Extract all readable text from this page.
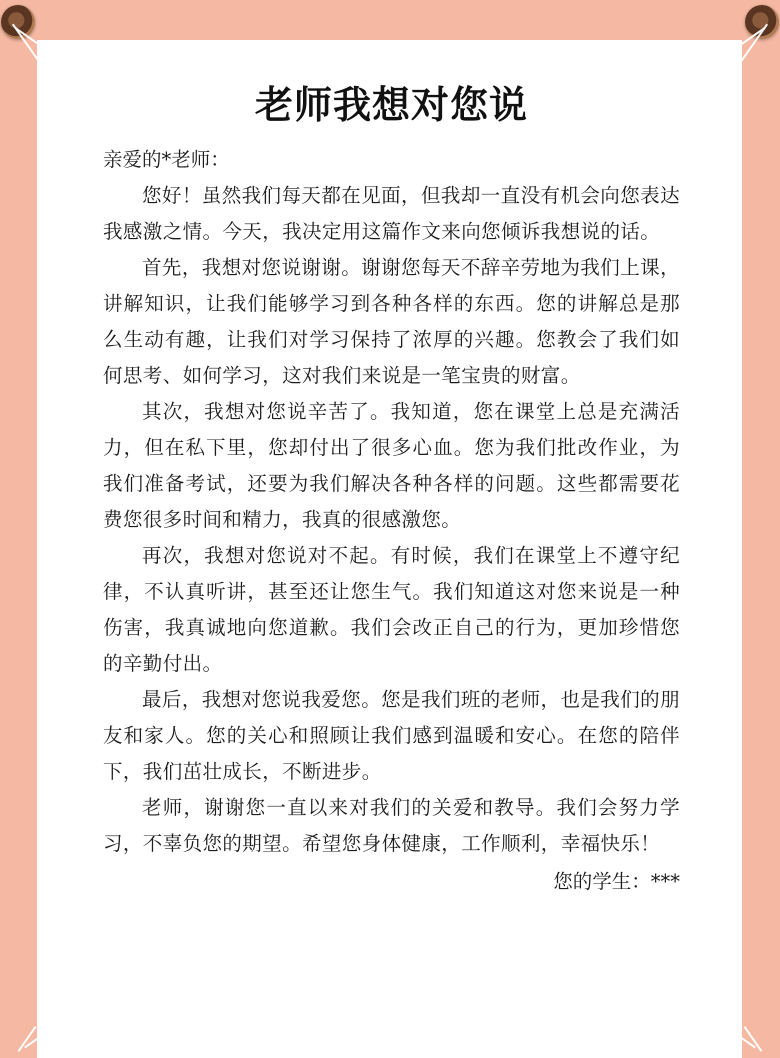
老师我想对您说

亲爱的*老师：

您好！虽然我们每天都在见面，但我却一直没有机会向您表达我感激之情。今天，我决定用这篇作文来向您倾诉我想说的话。

首先，我想对您说谢谢。谢谢您每天不辞辛劳地为我们上课，讲解知识，让我们能够学习到各种各样的东西。您的讲解总是那么生动有趣，让我们对学习保持了浓厚的兴趣。您教会了我们如何思考、如何学习，这对我们来说是一笔宝贵的财富。

其次，我想对您说辛苦了。我知道，您在课堂上总是充满活力，但在私下里，您却付出了很多心血。您为我们批改作业，为我们准备考试，还要为我们解决各种各样的问题。这些都需要花费您很多时间和精力，我真的很感激您。

再次，我想对您说对不起。有时候，我们在课堂上不遵守纪律，不认真听讲，甚至还让您生气。我们知道这对您来说是一种伤害，我真诚地向您道歉。我们会改正自己的行为，更加珍惜您的辛勤付出。

最后，我想对您说我爱您。您是我们班的老师，也是我们的朋友和家人。您的关心和照顾让我们感到温暖和安心。在您的陪伴下，我们茁壮成长，不断进步。

老师，谢谢您一直以来对我们的关爱和教导。我们会努力学习，不辜负您的期望。希望您身体健康，工作顺利，幸福快乐！

您的学生：***
